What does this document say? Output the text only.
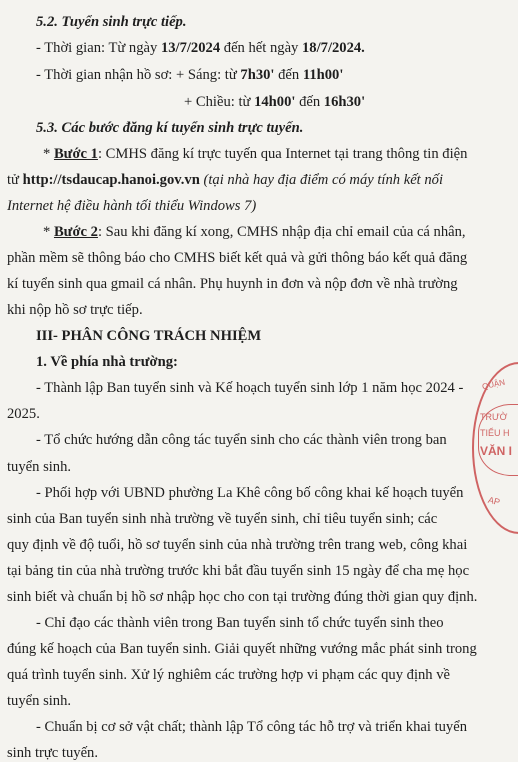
5.2. Tuyển sinh trực tiếp.
- Thời gian: Từ ngày 13/7/2024 đến hết ngày 18/7/2024.
- Thời gian nhận hồ sơ: + Sáng: từ 7h30' đến 11h00'
+ Chiều: từ 14h00' đến 16h30'
5.3. Các bước đăng kí tuyển sinh trực tuyến.
* Bước 1: CMHS đăng kí trực tuyến qua Internet tại trang thông tin điện
tử http://tsdaucap.hanoi.gov.vn (tại nhà hay địa điểm có máy tính kết nối
Internet hệ điều hành tối thiểu Windows 7)
* Bước 2: Sau khi đăng kí xong, CMHS nhập địa chỉ email của cá nhân,
phần mềm sẽ thông báo cho CMHS biết kết quả và gửi thông báo kết quả đăng
kí tuyển sinh qua gmail cá nhân. Phụ huynh in đơn và nộp đơn về nhà trường
khi nộp hồ sơ trực tiếp.
III- PHÂN CÔNG TRÁCH NHIỆM
1. Về phía nhà trường:
- Thành lập Ban tuyển sinh và Kế hoạch tuyển sinh lớp 1 năm học 2024 -
2025.
- Tổ chức hướng dẫn công tác tuyển sinh cho các thành viên trong ban
tuyển sinh.
- Phối hợp với UBND phường La Khê công bố công khai kế hoạch tuyển
sinh của Ban tuyển sinh nhà trường về tuyển sinh, chỉ tiêu tuyển sinh; các
quy định về độ tuổi, hồ sơ tuyển sinh của nhà trường trên trang web, công khai
tại bảng tin của nhà trường trước khi bắt đầu tuyển sinh 15 ngày để cha mẹ học
sinh biết và chuẩn bị hồ sơ nhập học cho con tại trường đúng thời gian quy định.
- Chỉ đạo các thành viên trong Ban tuyển sinh tổ chức tuyển sinh theo
đúng kế hoạch của Ban tuyển sinh. Giải quyết những vướng mắc phát sinh trong
quá trình tuyển sinh. Xử lý nghiêm các trường hợp vi phạm các quy định về
tuyển sinh.
- Chuẩn bị cơ sở vật chất; thành lập Tổ công tác hỗ trợ và triển khai tuyển
sinh trực tuyến.
QUẬN
TRƯỜ
TIỂU H
VĂN I
AP
